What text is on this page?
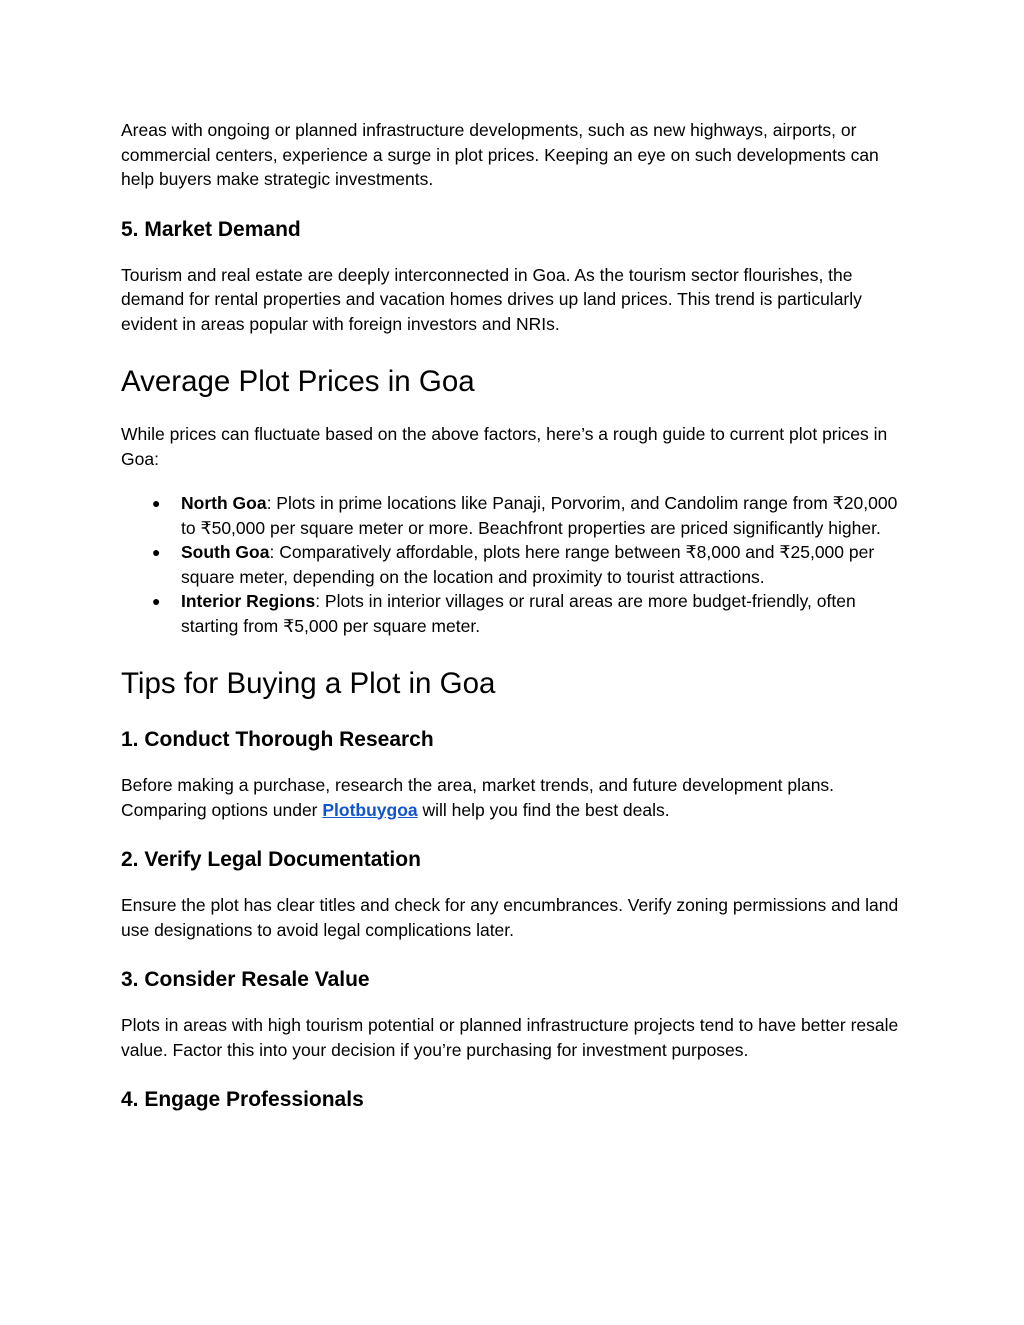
Areas with ongoing or planned infrastructure developments, such as new highways, airports, or commercial centers, experience a surge in plot prices. Keeping an eye on such developments can help buyers make strategic investments.

5. Market Demand

Tourism and real estate are deeply interconnected in Goa. As the tourism sector flourishes, the demand for rental properties and vacation homes drives up land prices. This trend is particularly evident in areas popular with foreign investors and NRIs.

Average Plot Prices in Goa

While prices can fluctuate based on the above factors, here’s a rough guide to current plot prices in Goa:

● North Goa: Plots in prime locations like Panaji, Porvorim, and Candolim range from ₹20,000 to ₹50,000 per square meter or more. Beachfront properties are priced significantly higher.
● South Goa: Comparatively affordable, plots here range between ₹8,000 and ₹25,000 per square meter, depending on the location and proximity to tourist attractions.
● Interior Regions: Plots in interior villages or rural areas are more budget-friendly, often starting from ₹5,000 per square meter.
Tips for Buying a Plot in Goa
1. Conduct Thorough Research

Before making a purchase, research the area, market trends, and future development plans. Comparing options under Plotbuygoa will help you find the best deals.

2. Verify Legal Documentation

Ensure the plot has clear titles and check for any encumbrances. Verify zoning permissions and land use designations to avoid legal complications later.

3. Consider Resale Value

Plots in areas with high tourism potential or planned infrastructure projects tend to have better resale value. Factor this into your decision if you’re purchasing for investment purposes.

4. Engage Professionals
